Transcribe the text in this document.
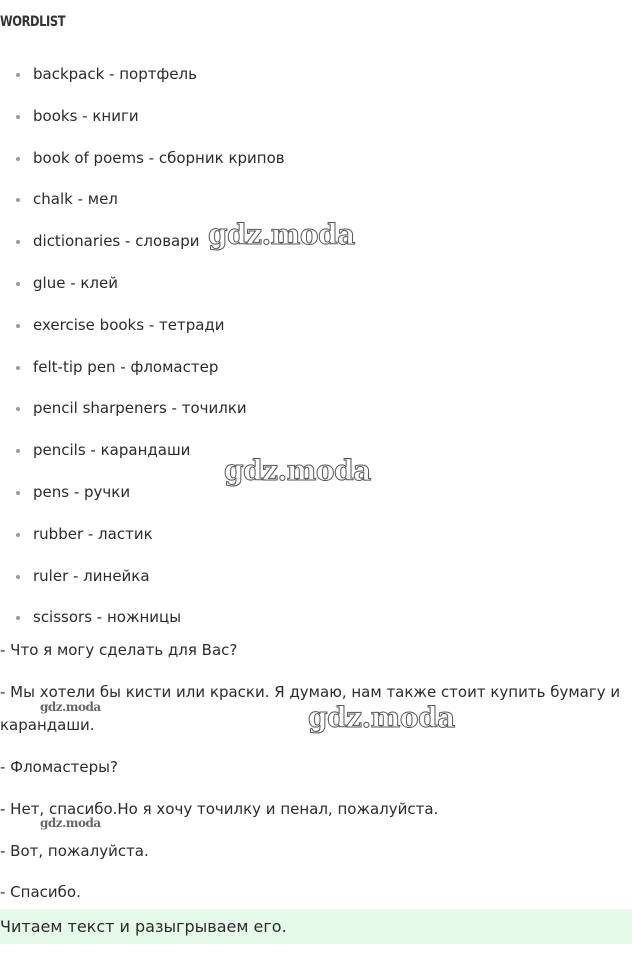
WORDLIST
backpack - портфель
books - книги
book of poems - сборник крипов
chalk - мел
dictionaries - словари
glue - клей
exercise books - тетради
felt-tip pen - фломастер
pencil sharpeners - точилки
pencils - карандаши
pens - ручки
rubber - ластик
ruler - линейка
scissors - ножницы

- Что я могу сделать для Вас?

- Мы хотели бы кисти или краски. Я думаю, нам также стоит купить бумагу и карандаши.

- Фломастеры?

- Нет, спасибо.Но я хочу точилку и пенал, пожалуйста.

- Вот, пожалуйста.

- Спасибо.

Читаем текст и разыгрываем его.
gdz.moda
gdz.moda
gdz.moda
gdz.moda
gdz.moda
